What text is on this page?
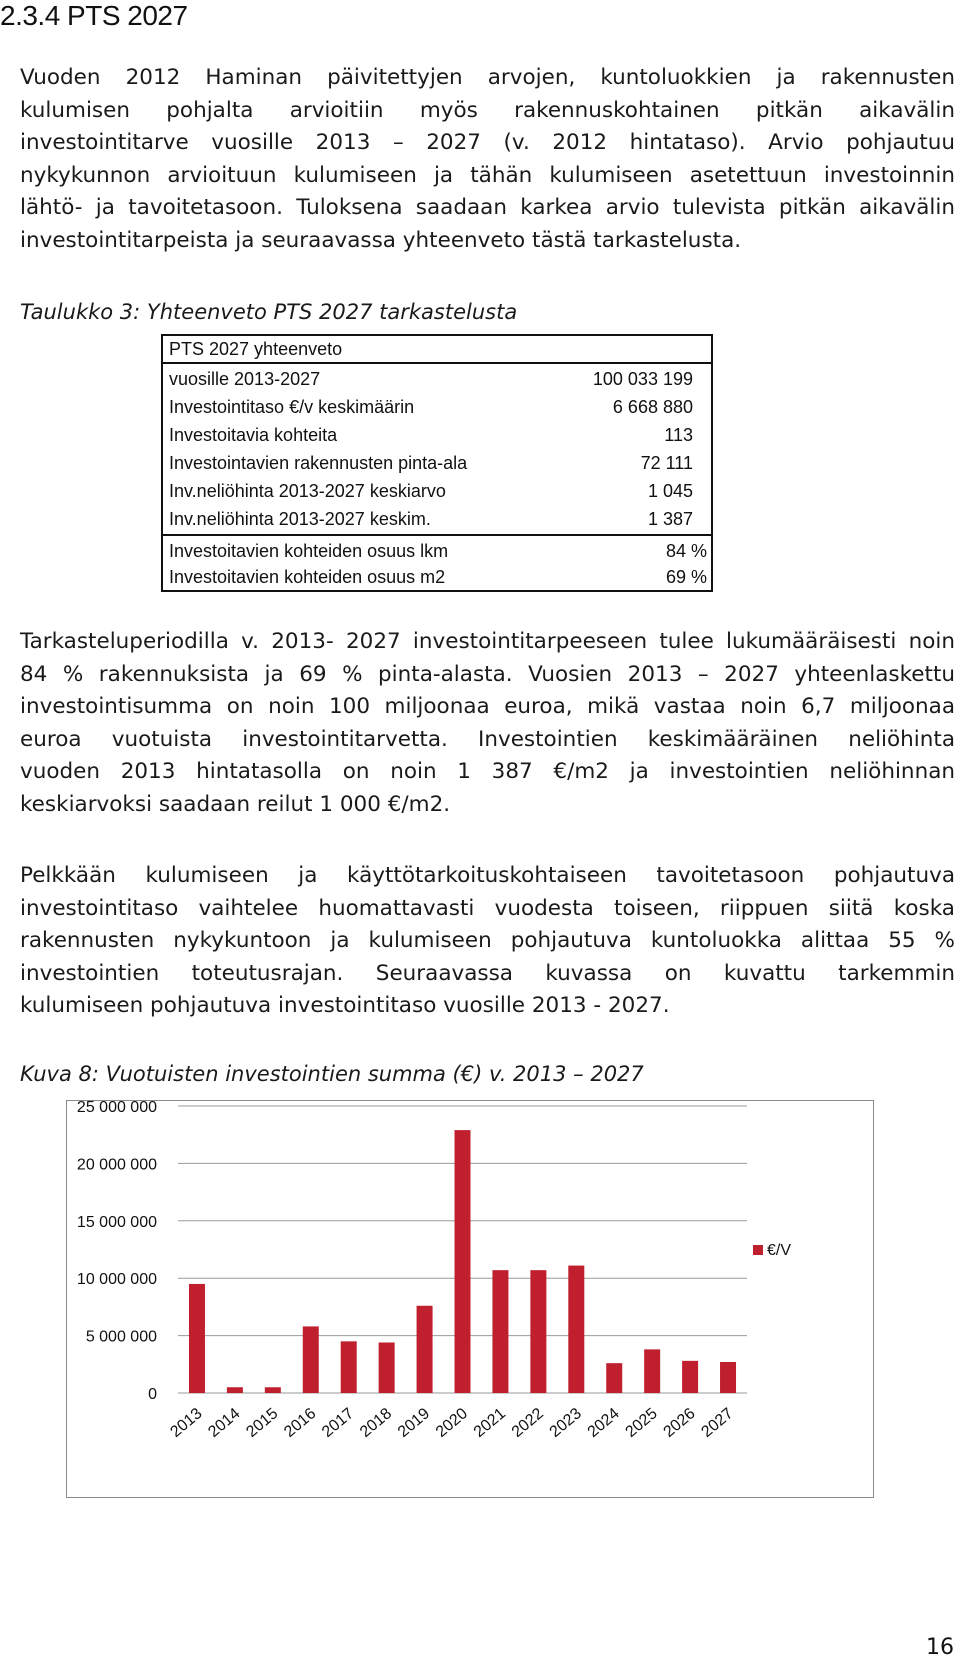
2.3.4 PTS 2027
Vuoden 2012 Haminan päivitettyjen arvojen, kuntoluokkien ja rakennusten
kulumisen pohjalta arvioitiin myös rakennuskohtainen pitkän aikavälin
investointitarve vuosille 2013 – 2027 (v. 2012 hintataso). Arvio pohjautuu
nykykunnon arvioituun kulumiseen ja tähän kulumiseen asetettuun investoinnin
lähtö- ja tavoitetasoon. Tuloksena saadaan karkea arvio tulevista pitkän aikavälin
investointitarpeista ja seuraavassa yhteenveto tästä tarkastelusta.
Taulukko 3: Yhteenveto PTS 2027 tarkastelusta
PTS 2027 yhteenveto
vuosille 2013-2027	100 033 199
Investointitaso €/v keskimäärin	6 668 880
Investoitavia kohteita	113
Investointavien rakennusten pinta-ala	72 111
Inv.neliöhinta 2013-2027 keskiarvo	1 045
Inv.neliöhinta 2013-2027 keskim.	1 387
Investoitavien kohteiden osuus lkm	84 %
Investoitavien kohteiden osuus m2	69 %
Tarkasteluperiodilla v. 2013- 2027 investointitarpeeseen tulee lukumääräisesti noin
84 % rakennuksista ja 69 % pinta-alasta. Vuosien 2013 – 2027 yhteenlaskettu
investointisumma on noin 100 miljoonaa euroa, mikä vastaa noin 6,7 miljoonaa
euroa vuotuista investointitarvetta. Investointien keskimääräinen neliöhinta
vuoden 2013 hintatasolla on noin 1 387 €/m2 ja investointien neliöhinnan
keskiarvoksi saadaan reilut 1 000 €/m2.
Pelkkään kulumiseen ja käyttötarkoituskohtaiseen tavoitetasoon pohjautuva
investointitaso vaihtelee huomattavasti vuodesta toiseen, riippuen siitä koska
rakennusten nykykuntoon ja kulumiseen pohjautuva kuntoluokka alittaa 55 %
investointien toteutusrajan. Seuraavassa kuvassa on kuvattu tarkemmin
kulumiseen pohjautuva investointitaso vuosille 2013 - 2027.
Kuva 8: Vuotuisten investointien summa (€) v. 2013 – 2027
0
5 000 000
10 000 000
15 000 000
20 000 000
25 000 000
2013 2014 2015 2016 2017 2018 2019 2020 2021 2022 2023 2024 2025 2026 2027
€/V
16
